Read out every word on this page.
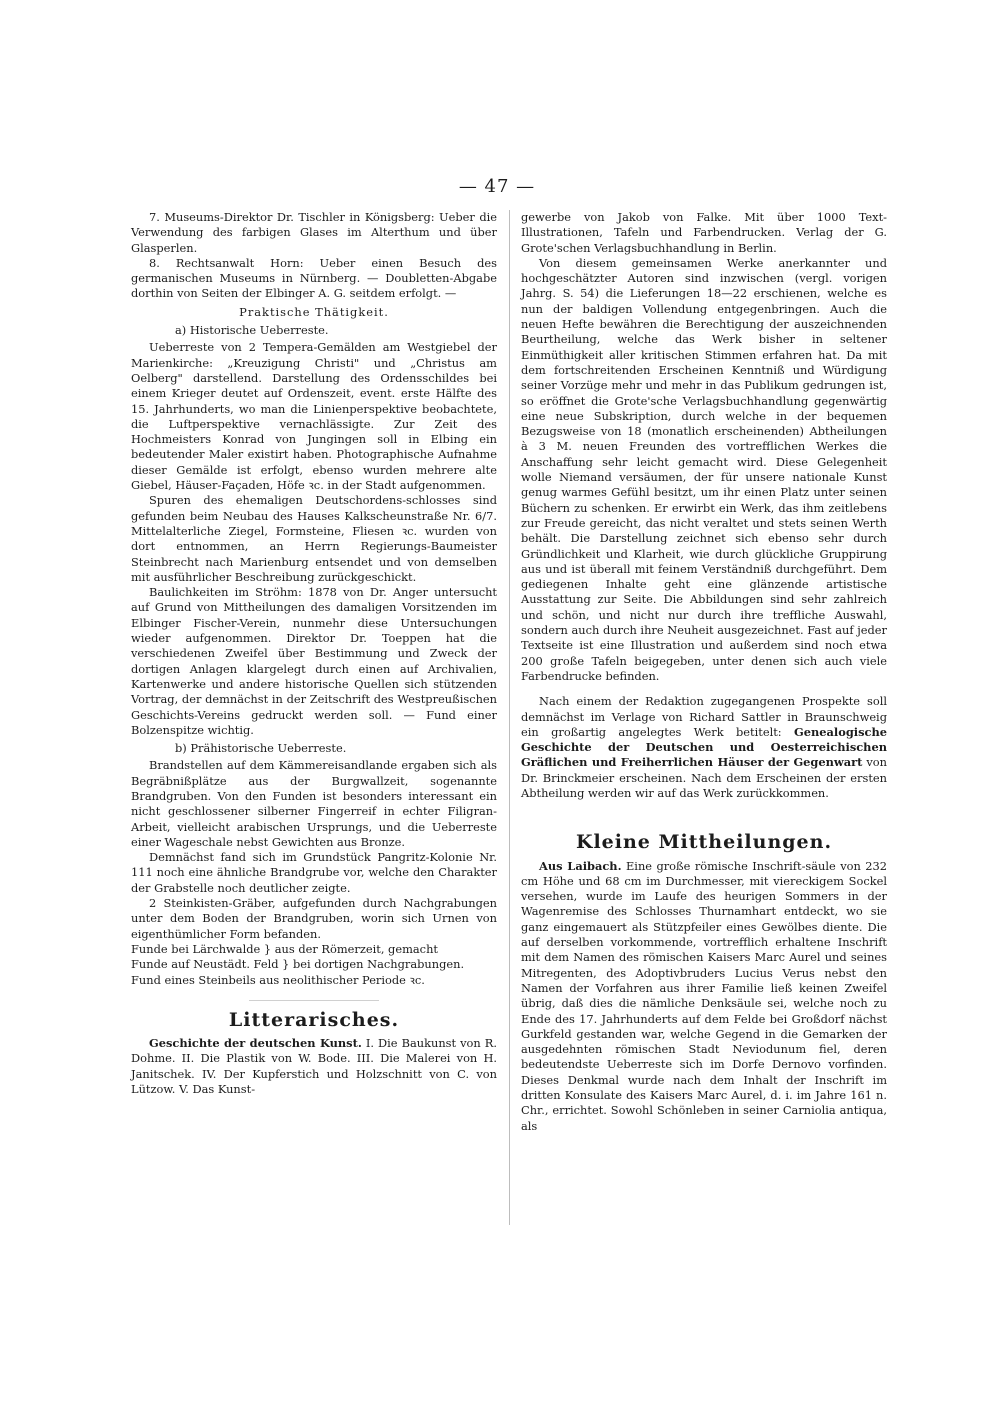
— 47 —

7. Museums-Direktor Dr. Tischler in Königsberg: Ueber die Verwendung des farbigen Glases im Alterthum und über Glasperlen.

8. Rechtsanwalt Horn: Ueber einen Besuch des germanischen Museums in Nürnberg. — Doubletten-Abgabe dorthin von Seiten der Elbinger A. G. seitdem erfolgt. —

Praktische Thätigkeit.

a) Historische Ueberreste.

Ueberreste von 2 Tempera-Gemälden am Westgiebel der Marienkirche: „Kreuzigung Christi" und „Christus am Oelberg" darstellend. Darstellung des Ordensschildes bei einem Krieger deutet auf Ordenszeit, event. erste Hälfte des 15. Jahrhunderts, wo man die Linienperspektive beobachtete, die Luftperspektive vernachlässigte. Zur Zeit des Hochmeisters Konrad von Jungingen soll in Elbing ein bedeutender Maler existirt haben. Photographische Aufnahme dieser Gemälde ist erfolgt, ebenso wurden mehrere alte Giebel, Häuser-Façaden, Höfe ꝛc. in der Stadt aufgenommen.

Spuren des ehemaligen Deutschordens-schlosses sind gefunden beim Neubau des Hauses Kalkscheunstraße Nr. 6/7. Mittelalterliche Ziegel, Formsteine, Fliesen ꝛc. wurden von dort entnommen, an Herrn Regierungs-Baumeister Steinbrecht nach Marienburg entsendet und von demselben mit ausführlicher Beschreibung zurückgeschickt.

Baulichkeiten im Ströhm: 1878 von Dr. Anger untersucht auf Grund von Mittheilungen des damaligen Vorsitzenden im Elbinger Fischer-Verein, nunmehr diese Untersuchungen wieder aufgenommen. Direktor Dr. Toeppen hat die verschiedenen Zweifel über Bestimmung und Zweck der dortigen Anlagen klargelegt durch einen auf Archivalien, Kartenwerke und andere historische Quellen sich stützenden Vortrag, der demnächst in der Zeitschrift des Westpreußischen Geschichts-Vereins gedruckt werden soll. — Fund einer Bolzenspitze wichtig.

b) Prähistorische Ueberreste.

Brandstellen auf dem Kämmereisandlande ergaben sich als Begräbnißplätze aus der Burgwallzeit, sogenannte Brandgruben. Von den Funden ist besonders interessant ein nicht geschlossener silberner Fingerreif in echter Filigran-Arbeit, vielleicht arabischen Ursprungs, und die Ueberreste einer Wageschale nebst Gewichten aus Bronze.

Demnächst fand sich im Grundstück Pangritz-Kolonie Nr. 111 noch eine ähnliche Brandgrube vor, welche den Charakter der Grabstelle noch deutlicher zeigte.

2 Steinkisten-Gräber, aufgefunden durch Nachgrabungen unter dem Boden der Brandgruben, worin sich Urnen von eigenthümlicher Form befanden.

Funde bei Lärchwalde } aus der Römerzeit, gemacht

Funde auf Neustädt. Feld } bei dortigen Nachgrabungen.

Fund eines Steinbeils aus neolithischer Periode ꝛc.

Litterarisches.

Geschichte der deutschen Kunst. I. Die Baukunst von R. Dohme. II. Die Plastik von W. Bode. III. Die Malerei von H. Janitschek. IV. Der Kupferstich und Holzschnitt von C. von Lützow. V. Das Kunst-

gewerbe von Jakob von Falke. Mit über 1000 Text-Illustrationen, Tafeln und Farbendrucken. Verlag der G. Grote'schen Verlagsbuchhandlung in Berlin.

Von diesem gemeinsamen Werke anerkannter und hochgeschätzter Autoren sind inzwischen (vergl. vorigen Jahrg. S. 54) die Lieferungen 18—22 erschienen, welche es nun der baldigen Vollendung entgegenbringen. Auch die neuen Hefte bewähren die Berechtigung der auszeichnenden Beurtheilung, welche das Werk bisher in seltener Einmüthigkeit aller kritischen Stimmen erfahren hat. Da mit dem fortschreitenden Erscheinen Kenntniß und Würdigung seiner Vorzüge mehr und mehr in das Publikum gedrungen ist, so eröffnet die Grote'sche Verlagsbuchhandlung gegenwärtig eine neue Subskription, durch welche in der bequemen Bezugsweise von 18 (monatlich erscheinenden) Abtheilungen à 3 M. neuen Freunden des vortrefflichen Werkes die Anschaffung sehr leicht gemacht wird. Diese Gelegenheit wolle Niemand versäumen, der für unsere nationale Kunst genug warmes Gefühl besitzt, um ihr einen Platz unter seinen Büchern zu schenken. Er erwirbt ein Werk, das ihm zeitlebens zur Freude gereicht, das nicht veraltet und stets seinen Werth behält. Die Darstellung zeichnet sich ebenso sehr durch Gründlichkeit und Klarheit, wie durch glückliche Gruppirung aus und ist überall mit feinem Verständniß durchgeführt. Dem gediegenen Inhalte geht eine glänzende artistische Ausstattung zur Seite. Die Abbildungen sind sehr zahlreich und schön, und nicht nur durch ihre treffliche Auswahl, sondern auch durch ihre Neuheit ausgezeichnet. Fast auf jeder Textseite ist eine Illustration und außerdem sind noch etwa 200 große Tafeln beigegeben, unter denen sich auch viele Farbendrucke befinden.

Nach einem der Redaktion zugegangenen Prospekte soll demnächst im Verlage von Richard Sattler in Braunschweig ein großartig angelegtes Werk betitelt: Genealogische Geschichte der Deutschen und Oesterreichischen Gräflichen und Freiherrlichen Häuser der Gegenwart von Dr. Brinckmeier erscheinen. Nach dem Erscheinen der ersten Abtheilung werden wir auf das Werk zurückkommen.

Kleine Mittheilungen.

Aus Laibach. Eine große römische Inschrift-säule von 232 cm Höhe und 68 cm im Durchmesser, mit viereckigem Sockel versehen, wurde im Laufe des heurigen Sommers in der Wagenremise des Schlosses Thurnamhart entdeckt, wo sie ganz eingemauert als Stützpfeiler eines Gewölbes diente. Die auf derselben vorkommende, vortrefflich erhaltene Inschrift mit dem Namen des römischen Kaisers Marc Aurel und seines Mitregenten, des Adoptivbruders Lucius Verus nebst den Namen der Vorfahren aus ihrer Familie ließ keinen Zweifel übrig, daß dies die nämliche Denksäule sei, welche noch zu Ende des 17. Jahrhunderts auf dem Felde bei Großdorf nächst Gurkfeld gestanden war, welche Gegend in die Gemarken der ausgedehnten römischen Stadt Neviodunum fiel, deren bedeutendste Ueberreste sich im Dorfe Dernovo vorfinden. Dieses Denkmal wurde nach dem Inhalt der Inschrift im dritten Konsulate des Kaisers Marc Aurel, d. i. im Jahre 161 n. Chr., errichtet. Sowohl Schönleben in seiner Carniolia antiqua, als
